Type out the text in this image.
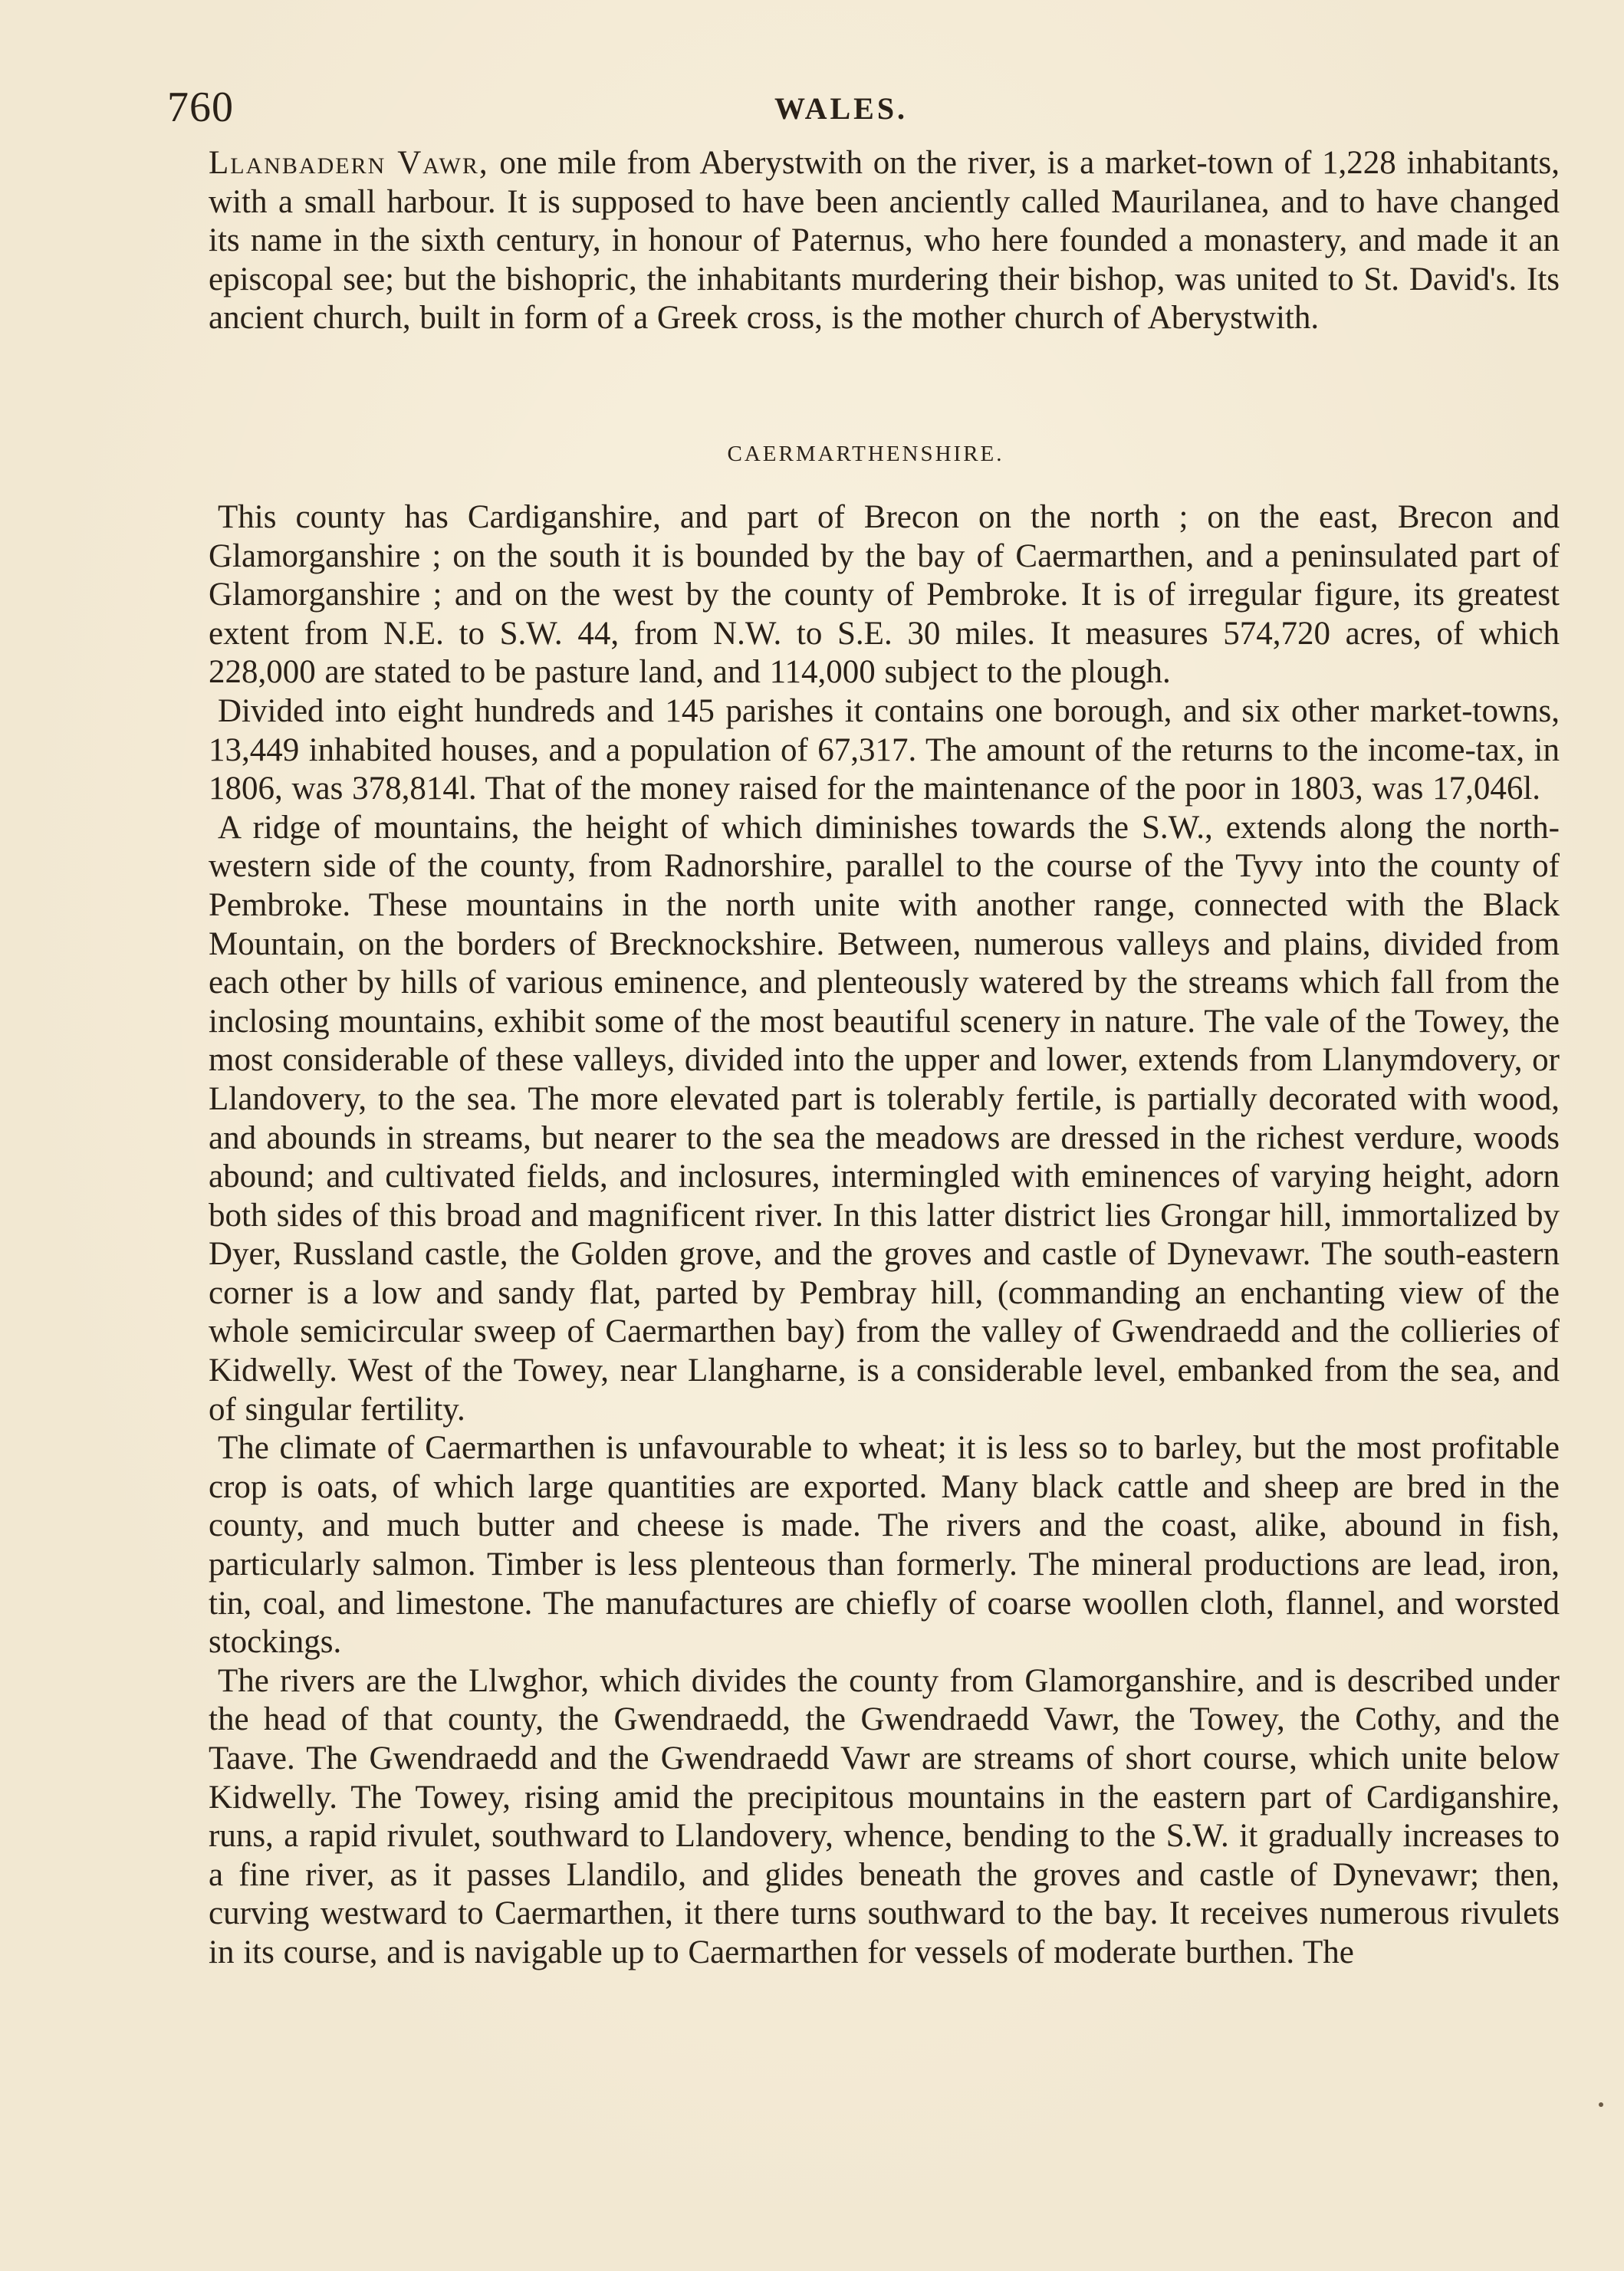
760	WALES.

Llanbadern Vawr, one mile from Aberystwith on the river, is a market-town of 1,228 inhabitants, with a small harbour. It is supposed to have been anciently called Maurilanea, and to have changed its name in the sixth century, in honour of Paternus, who here founded a monastery, and made it an episcopal see; but the bishopric, the inhabitants murdering their bishop, was united to St. David's. Its ancient church, built in form of a Greek cross, is the mother church of Aberystwith.

CAERMARTHENSHIRE.

This county has Cardiganshire, and part of Brecon on the north ; on the east, Brecon and Glamorganshire ; on the south it is bounded by the bay of Caermarthen, and a peninsulated part of Glamorganshire ; and on the west by the county of Pembroke. It is of irregular figure, its greatest extent from N.E. to S.W. 44, from N.W. to S.E. 30 miles. It measures 574,720 acres, of which 228,000 are stated to be pasture land, and 114,000 subject to the plough.

Divided into eight hundreds and 145 parishes it contains one borough, and six other market-towns, 13,449 inhabited houses, and a population of 67,317. The amount of the returns to the income-tax, in 1806, was 378,814l. That of the money raised for the maintenance of the poor in 1803, was 17,046l.

A ridge of mountains, the height of which diminishes towards the S.W., extends along the north-western side of the county, from Radnorshire, parallel to the course of the Tyvy into the county of Pembroke. These mountains in the north unite with another range, connected with the Black Mountain, on the borders of Brecknockshire. Between, numerous valleys and plains, divided from each other by hills of various eminence, and plenteously watered by the streams which fall from the inclosing mountains, exhibit some of the most beautiful scenery in nature. The vale of the Towey, the most considerable of these valleys, divided into the upper and lower, extends from Llanymdovery, or Llandovery, to the sea. The more elevated part is tolerably fertile, is partially decorated with wood, and abounds in streams, but nearer to the sea the meadows are dressed in the richest verdure, woods abound; and cultivated fields, and inclosures, intermingled with eminences of varying height, adorn both sides of this broad and magnificent river. In this latter district lies Grongar hill, immortalized by Dyer, Russland castle, the Golden grove, and the groves and castle of Dynevawr. The south-eastern corner is a low and sandy flat, parted by Pembray hill, (commanding an enchanting view of the whole semicircular sweep of Caermarthen bay) from the valley of Gwendraedd and the collieries of Kidwelly. West of the Towey, near Llangharne, is a considerable level, embanked from the sea, and of singular fertility.

The climate of Caermarthen is unfavourable to wheat; it is less so to barley, but the most profitable crop is oats, of which large quantities are exported. Many black cattle and sheep are bred in the county, and much butter and cheese is made. The rivers and the coast, alike, abound in fish, particularly salmon. Timber is less plenteous than formerly. The mineral productions are lead, iron, tin, coal, and limestone. The manufactures are chiefly of coarse woollen cloth, flannel, and worsted stockings.

The rivers are the Llwghor, which divides the county from Glamorganshire, and is described under the head of that county, the Gwendraedd, the Gwendraedd Vawr, the Towey, the Cothy, and the Taave. The Gwendraedd and the Gwendraedd Vawr are streams of short course, which unite below Kidwelly. The Towey, rising amid the precipitous mountains in the eastern part of Cardiganshire, runs, a rapid rivulet, southward to Llandovery, whence, bending to the S.W. it gradually increases to a fine river, as it passes Llandilo, and glides beneath the groves and castle of Dynevawr; then, curving westward to Caermarthen, it there turns southward to the bay. It receives numerous rivulets in its course, and is navigable up to Caermarthen for vessels of moderate burthen. The
